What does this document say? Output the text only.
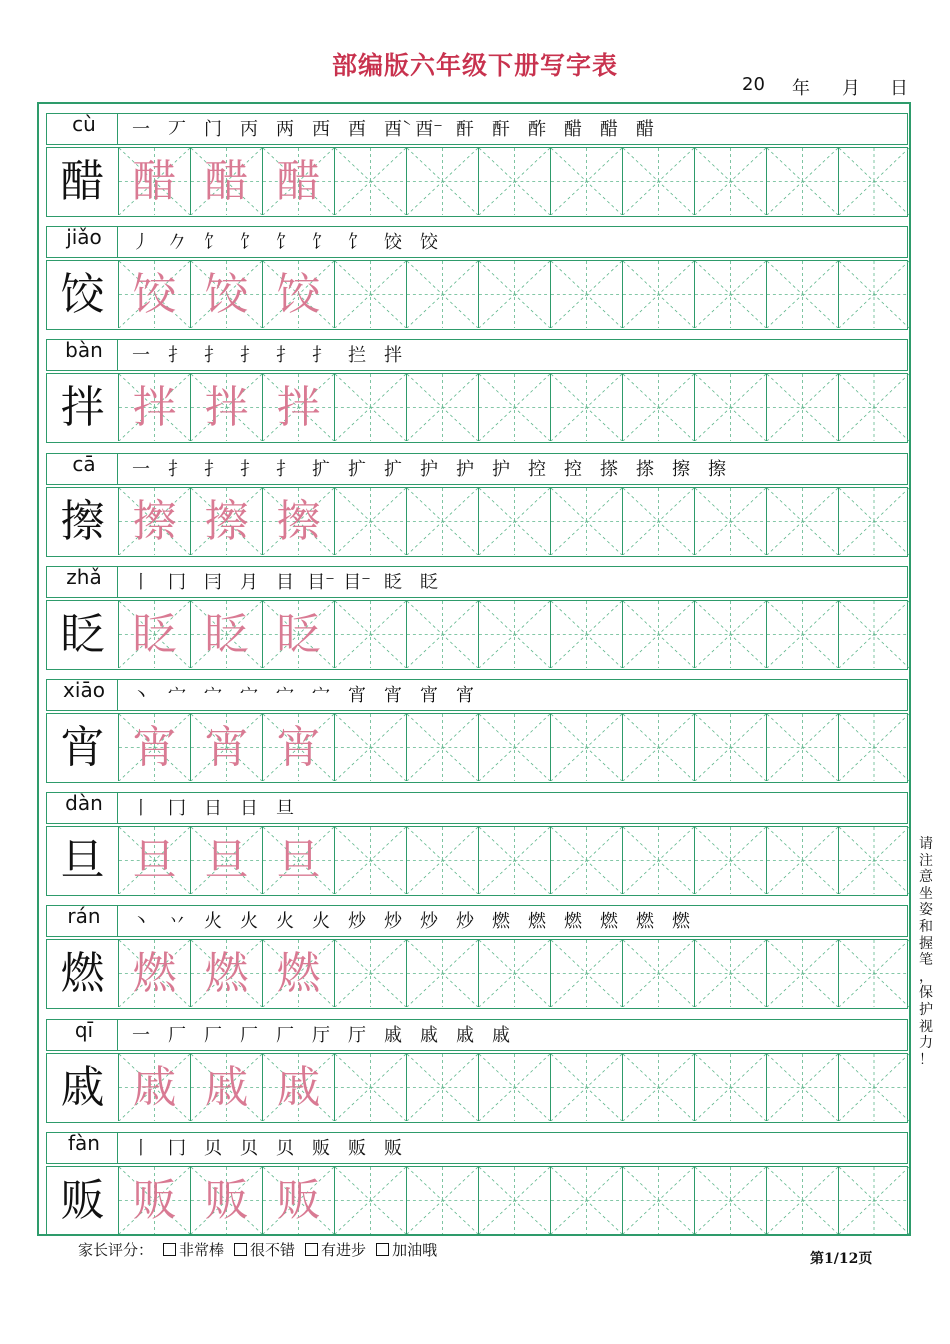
部编版六年级下册写字表
20 年 月 日
cù	一	丆	门	丙	两	西	酉	酉̀ 酉⁻ 酐	酐	酢	醋	醋	醋
醋 醋 醋 醋
jiǎo	丿	𠂊	饣	饣	饣	饣	饣	饺	饺
饺 饺 饺 饺
bàn	一	扌	扌	扌	扌	扌	拦	拌
拌 拌 拌 拌
cā	一	扌	扌	扌	扌	扩	扩	扩	护	护	护	控	控	搽	搽	擦	擦
擦 擦 擦 擦
zhǎ	丨	冂	冃	月	目 目⁻ 目⁻ 眨	眨
眨 眨 眨 眨
xiāo	丶	宀	宀	宀	宀	宀	宵	宵	宵	宵
宵 宵 宵 宵
dàn	丨	冂	日	日	旦
旦 旦 旦 旦
rán	丶	丷	火	火	火	火	炒	炒	炒	炒	燃	燃	燃	燃	燃	燃
燃 燃 燃 燃
qī	一	厂	厂	厂	厂	厅	厅	戚	戚	戚	戚
戚 戚 戚 戚
fàn	丨	冂	贝	贝	贝	贩	贩	贩
贩 贩 贩 贩
请
注
意
坐
姿
和
握
笔
，
保
护
视
力
！
家长评分： 非常棒 很不错 有进步 加油哦	第1/12页
